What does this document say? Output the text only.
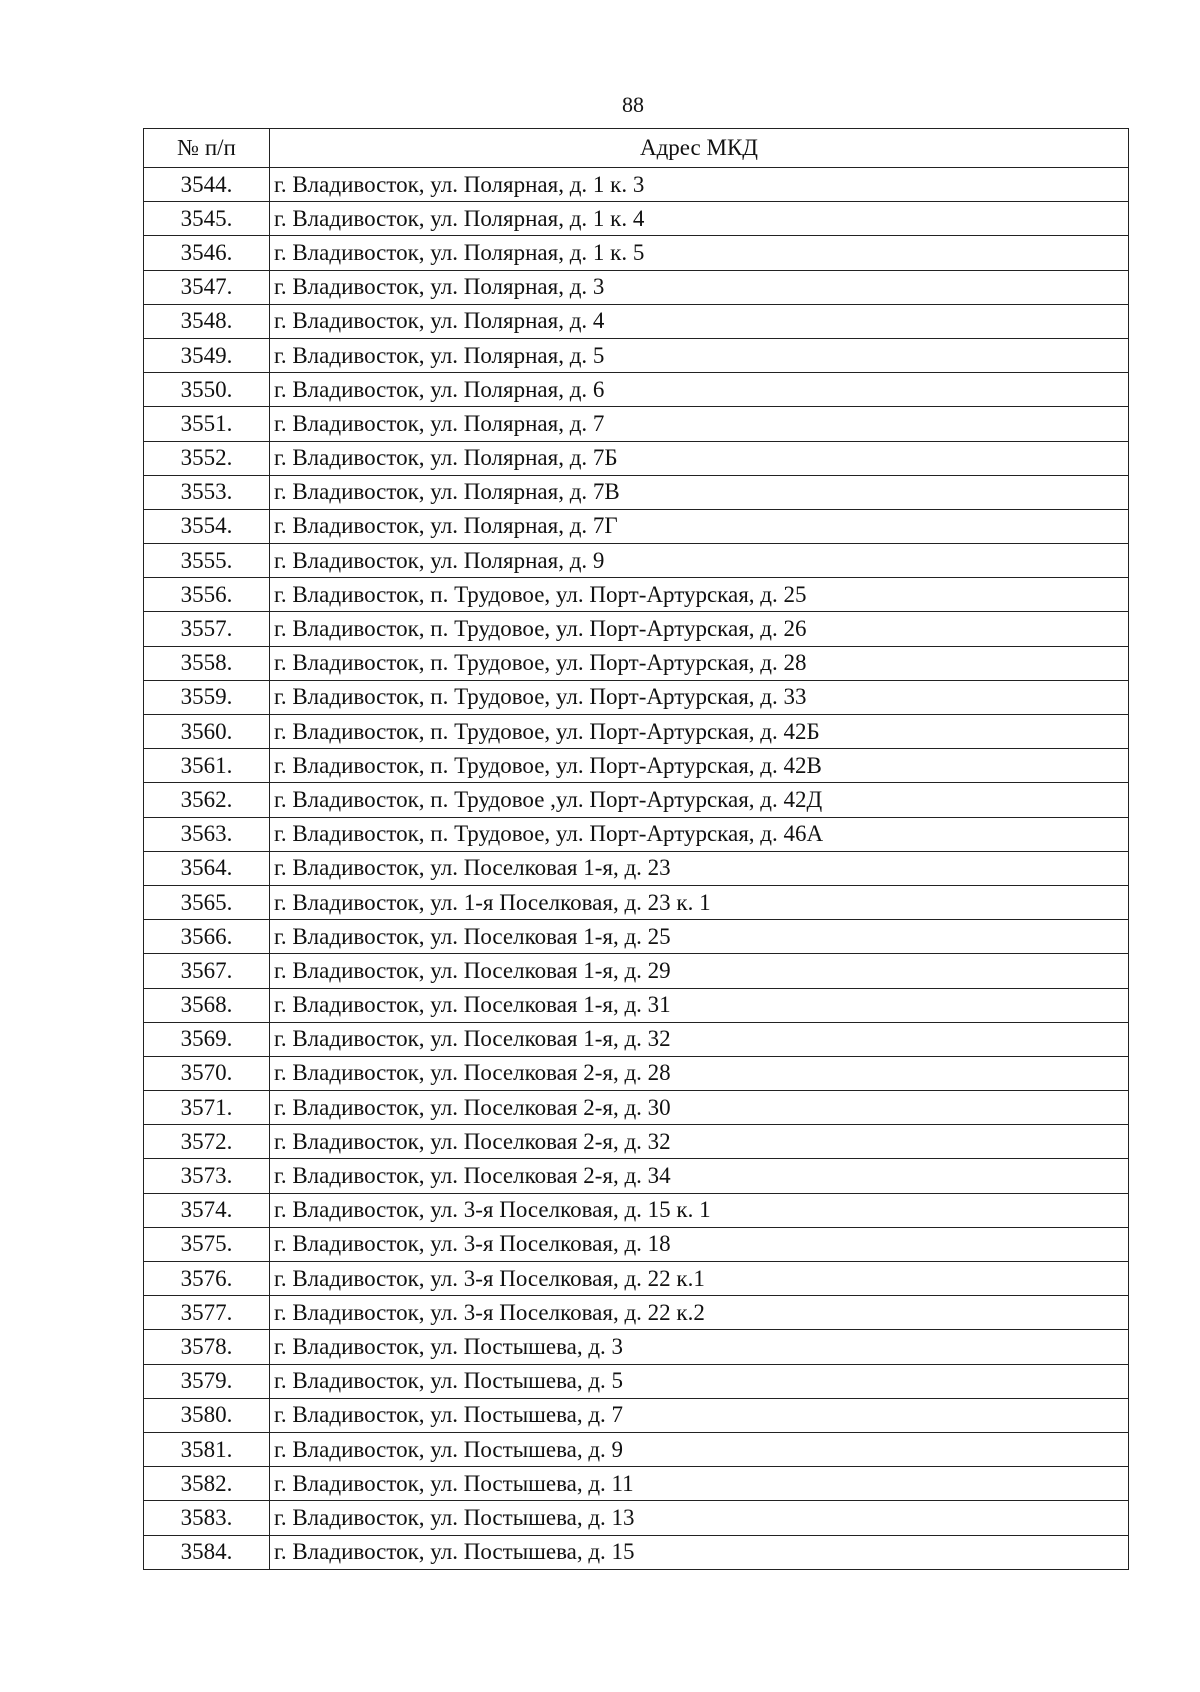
88
№ п/п	Адрес МКД
3544.	г. Владивосток, ул. Полярная, д. 1 к. 3
3545.	г. Владивосток, ул. Полярная, д. 1 к. 4
3546.	г. Владивосток, ул. Полярная, д. 1 к. 5
3547.	г. Владивосток, ул. Полярная, д. 3
3548.	г. Владивосток, ул. Полярная, д. 4
3549.	г. Владивосток, ул. Полярная, д. 5
3550.	г. Владивосток, ул. Полярная, д. 6
3551.	г. Владивосток, ул. Полярная, д. 7
3552.	г. Владивосток, ул. Полярная, д. 7Б
3553.	г. Владивосток, ул. Полярная, д. 7В
3554.	г. Владивосток, ул. Полярная, д. 7Г
3555.	г. Владивосток, ул. Полярная, д. 9
3556.	г. Владивосток, п. Трудовое, ул. Порт-Артурская, д. 25
3557.	г. Владивосток, п. Трудовое, ул. Порт-Артурская, д. 26
3558.	г. Владивосток, п. Трудовое, ул. Порт-Артурская, д. 28
3559.	г. Владивосток, п. Трудовое, ул. Порт-Артурская, д. 33
3560.	г. Владивосток, п. Трудовое, ул. Порт-Артурская, д. 42Б
3561.	г. Владивосток, п. Трудовое, ул. Порт-Артурская, д. 42В
3562.	г. Владивосток, п. Трудовое ,ул. Порт-Артурская, д. 42Д
3563.	г. Владивосток, п. Трудовое, ул. Порт-Артурская, д. 46А
3564.	г. Владивосток, ул. Поселковая 1-я, д. 23
3565.	г. Владивосток, ул. 1-я Поселковая, д. 23 к. 1
3566.	г. Владивосток, ул. Поселковая 1-я, д. 25
3567.	г. Владивосток, ул. Поселковая 1-я, д. 29
3568.	г. Владивосток, ул. Поселковая 1-я, д. 31
3569.	г. Владивосток, ул. Поселковая 1-я, д. 32
3570.	г. Владивосток, ул. Поселковая 2-я, д. 28
3571.	г. Владивосток, ул. Поселковая 2-я, д. 30
3572.	г. Владивосток, ул. Поселковая 2-я, д. 32
3573.	г. Владивосток, ул. Поселковая 2-я, д. 34
3574.	г. Владивосток, ул. 3-я Поселковая, д. 15 к. 1
3575.	г. Владивосток, ул. 3-я Поселковая, д. 18
3576.	г. Владивосток, ул. 3-я Поселковая, д. 22 к.1
3577.	г. Владивосток, ул. 3-я Поселковая, д. 22 к.2
3578.	г. Владивосток, ул. Постышева, д. 3
3579.	г. Владивосток, ул. Постышева, д. 5
3580.	г. Владивосток, ул. Постышева, д. 7
3581.	г. Владивосток, ул. Постышева, д. 9
3582.	г. Владивосток, ул. Постышева, д. 11
3583.	г. Владивосток, ул. Постышева, д. 13
3584.	г. Владивосток, ул. Постышева, д. 15
